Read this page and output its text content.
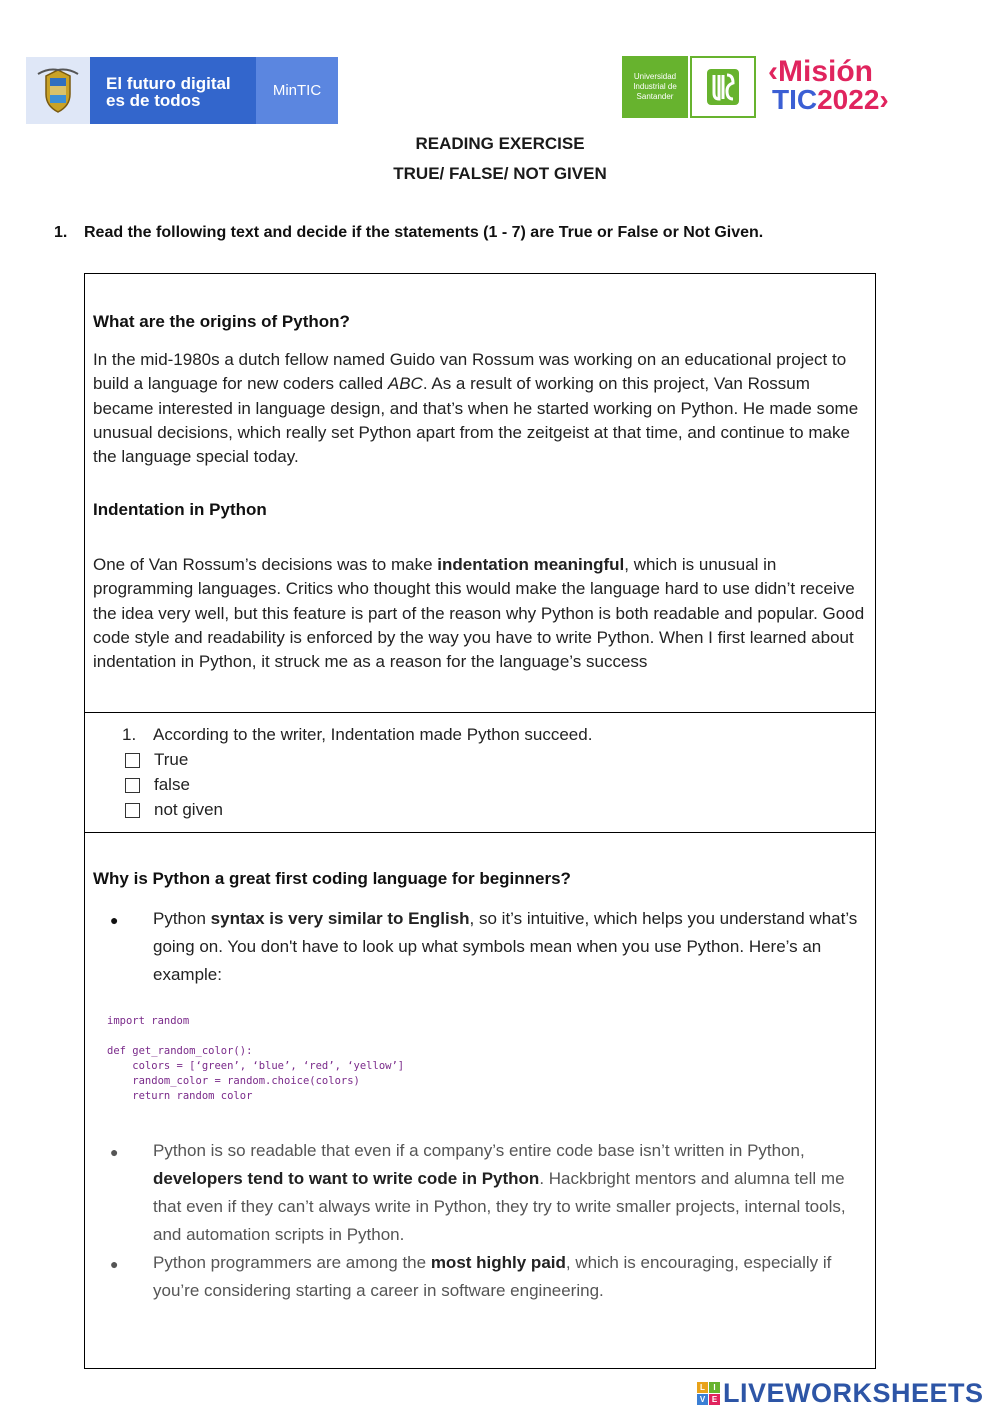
El futuro digital
es de todos
MinTIC
Universidad
Industrial de
Santander
‹Misión
TIC2022›
READING EXERCISE
TRUE/ FALSE/ NOT GIVEN
1. Read the following text and decide if the statements (1 - 7) are True or False or Not Given.
What are the origins of Python?
In the mid-1980s a dutch fellow named Guido van Rossum was working on an educational project to build a language for new coders called ABC. As a result of working on this project, Van Rossum became interested in language design, and that’s when he started working on Python. He made some unusual decisions, which really set Python apart from the zeitgeist at that time, and continue to make the language special today.
Indentation in Python
One of Van Rossum’s decisions was to make indentation meaningful, which is unusual in programming languages. Critics who thought this would make the language hard to use didn’t receive the idea very well, but this feature is part of the reason why Python is both readable and popular. Good code style and readability is enforced by the way you have to write Python. When I first learned about indentation in Python, it struck me as a reason for the language’s success
1. According to the writer, Indentation made Python succeed.
True
false
not given
Why is Python a great first coding language for beginners?
● Python syntax is very similar to English, so it’s intuitive, which helps you understand what’s going on. You don't have to look up what symbols mean when you use Python. Here’s an example:
import random

def get_random_color():
colors = [‘green’, ‘blue’, ‘red’, ‘yellow’]
random_color = random.choice(colors)
return random color
● Python is so readable that even if a company’s entire code base isn’t written in Python, developers tend to want to write code in Python. Hackbright mentors and alumna tell me that even if they can’t always write in Python, they try to write smaller projects, internal tools, and automation scripts in Python.
● Python programmers are among the most highly paid, which is encouraging, especially if you’re considering starting a career in software engineering.
L	I
V E LIVEWORKSHEETS
